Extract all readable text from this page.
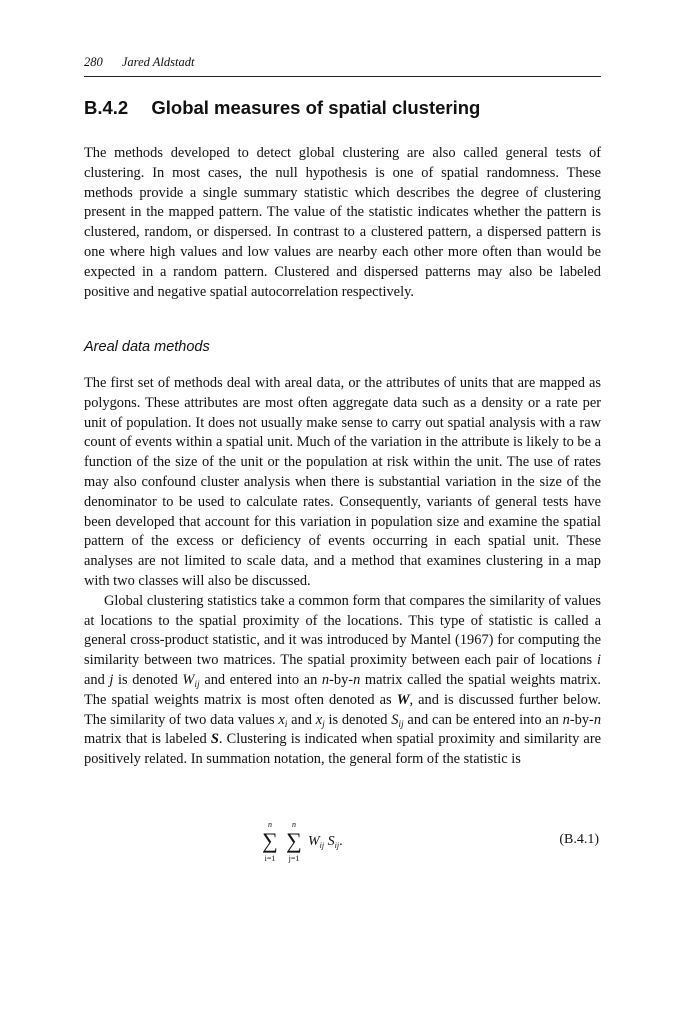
280 Jared Aldstadt
B.4.2 Global measures of spatial clustering

The methods developed to detect global clustering are also called general tests of clustering. In most cases, the null hypothesis is one of spatial randomness. These methods provide a single summary statistic which describes the degree of clustering present in the mapped pattern. The value of the statistic indicates whether the pattern is clustered, random, or dispersed. In contrast to a clustered pattern, a dispersed pattern is one where high values and low values are nearby each other more often than would be expected in a random pattern. Clustered and dispersed patterns may also be labeled positive and negative spatial autocorrelation respectively.

Areal data methods

The first set of methods deal with areal data, or the attributes of units that are mapped as polygons. These attributes are most often aggregate data such as a density or a rate per unit of population. It does not usually make sense to carry out spatial analysis with a raw count of events within a spatial unit. Much of the variation in the attribute is likely to be a function of the size of the unit or the population at risk within the unit. The use of rates may also confound cluster analysis when there is substantial variation in the size of the denominator to be used to calculate rates. Consequently, variants of general tests have been developed that account for this variation in population size and examine the spatial pattern of the excess or deficiency of events occurring in each spatial unit. These analyses are not limited to scale data, and a method that examines clustering in a map with two classes will also be discussed.

Global clustering statistics take a common form that compares the similarity of values at locations to the spatial proximity of the locations. This type of statistic is called a general cross-product statistic, and it was introduced by Mantel (1967) for computing the similarity between two matrices. The spatial proximity between each pair of locations i and j is denoted $W_{ij}$ and entered into an n-by-n matrix called the spatial weights matrix. The spatial weights matrix is most often denoted as W, and is discussed further below. The similarity of two data values $x_i$ and $x_j$ is denoted $S_{ij}$ and can be entered into an n-by-n matrix that is labeled S. Clustering is indicated when spatial proximity and similarity are positively related. In summation notation, the general form of the statistic is

n
∑
i=1
n
∑
j=1
$W_{ij}$ $S_{ij}$.	(B.4.1)
